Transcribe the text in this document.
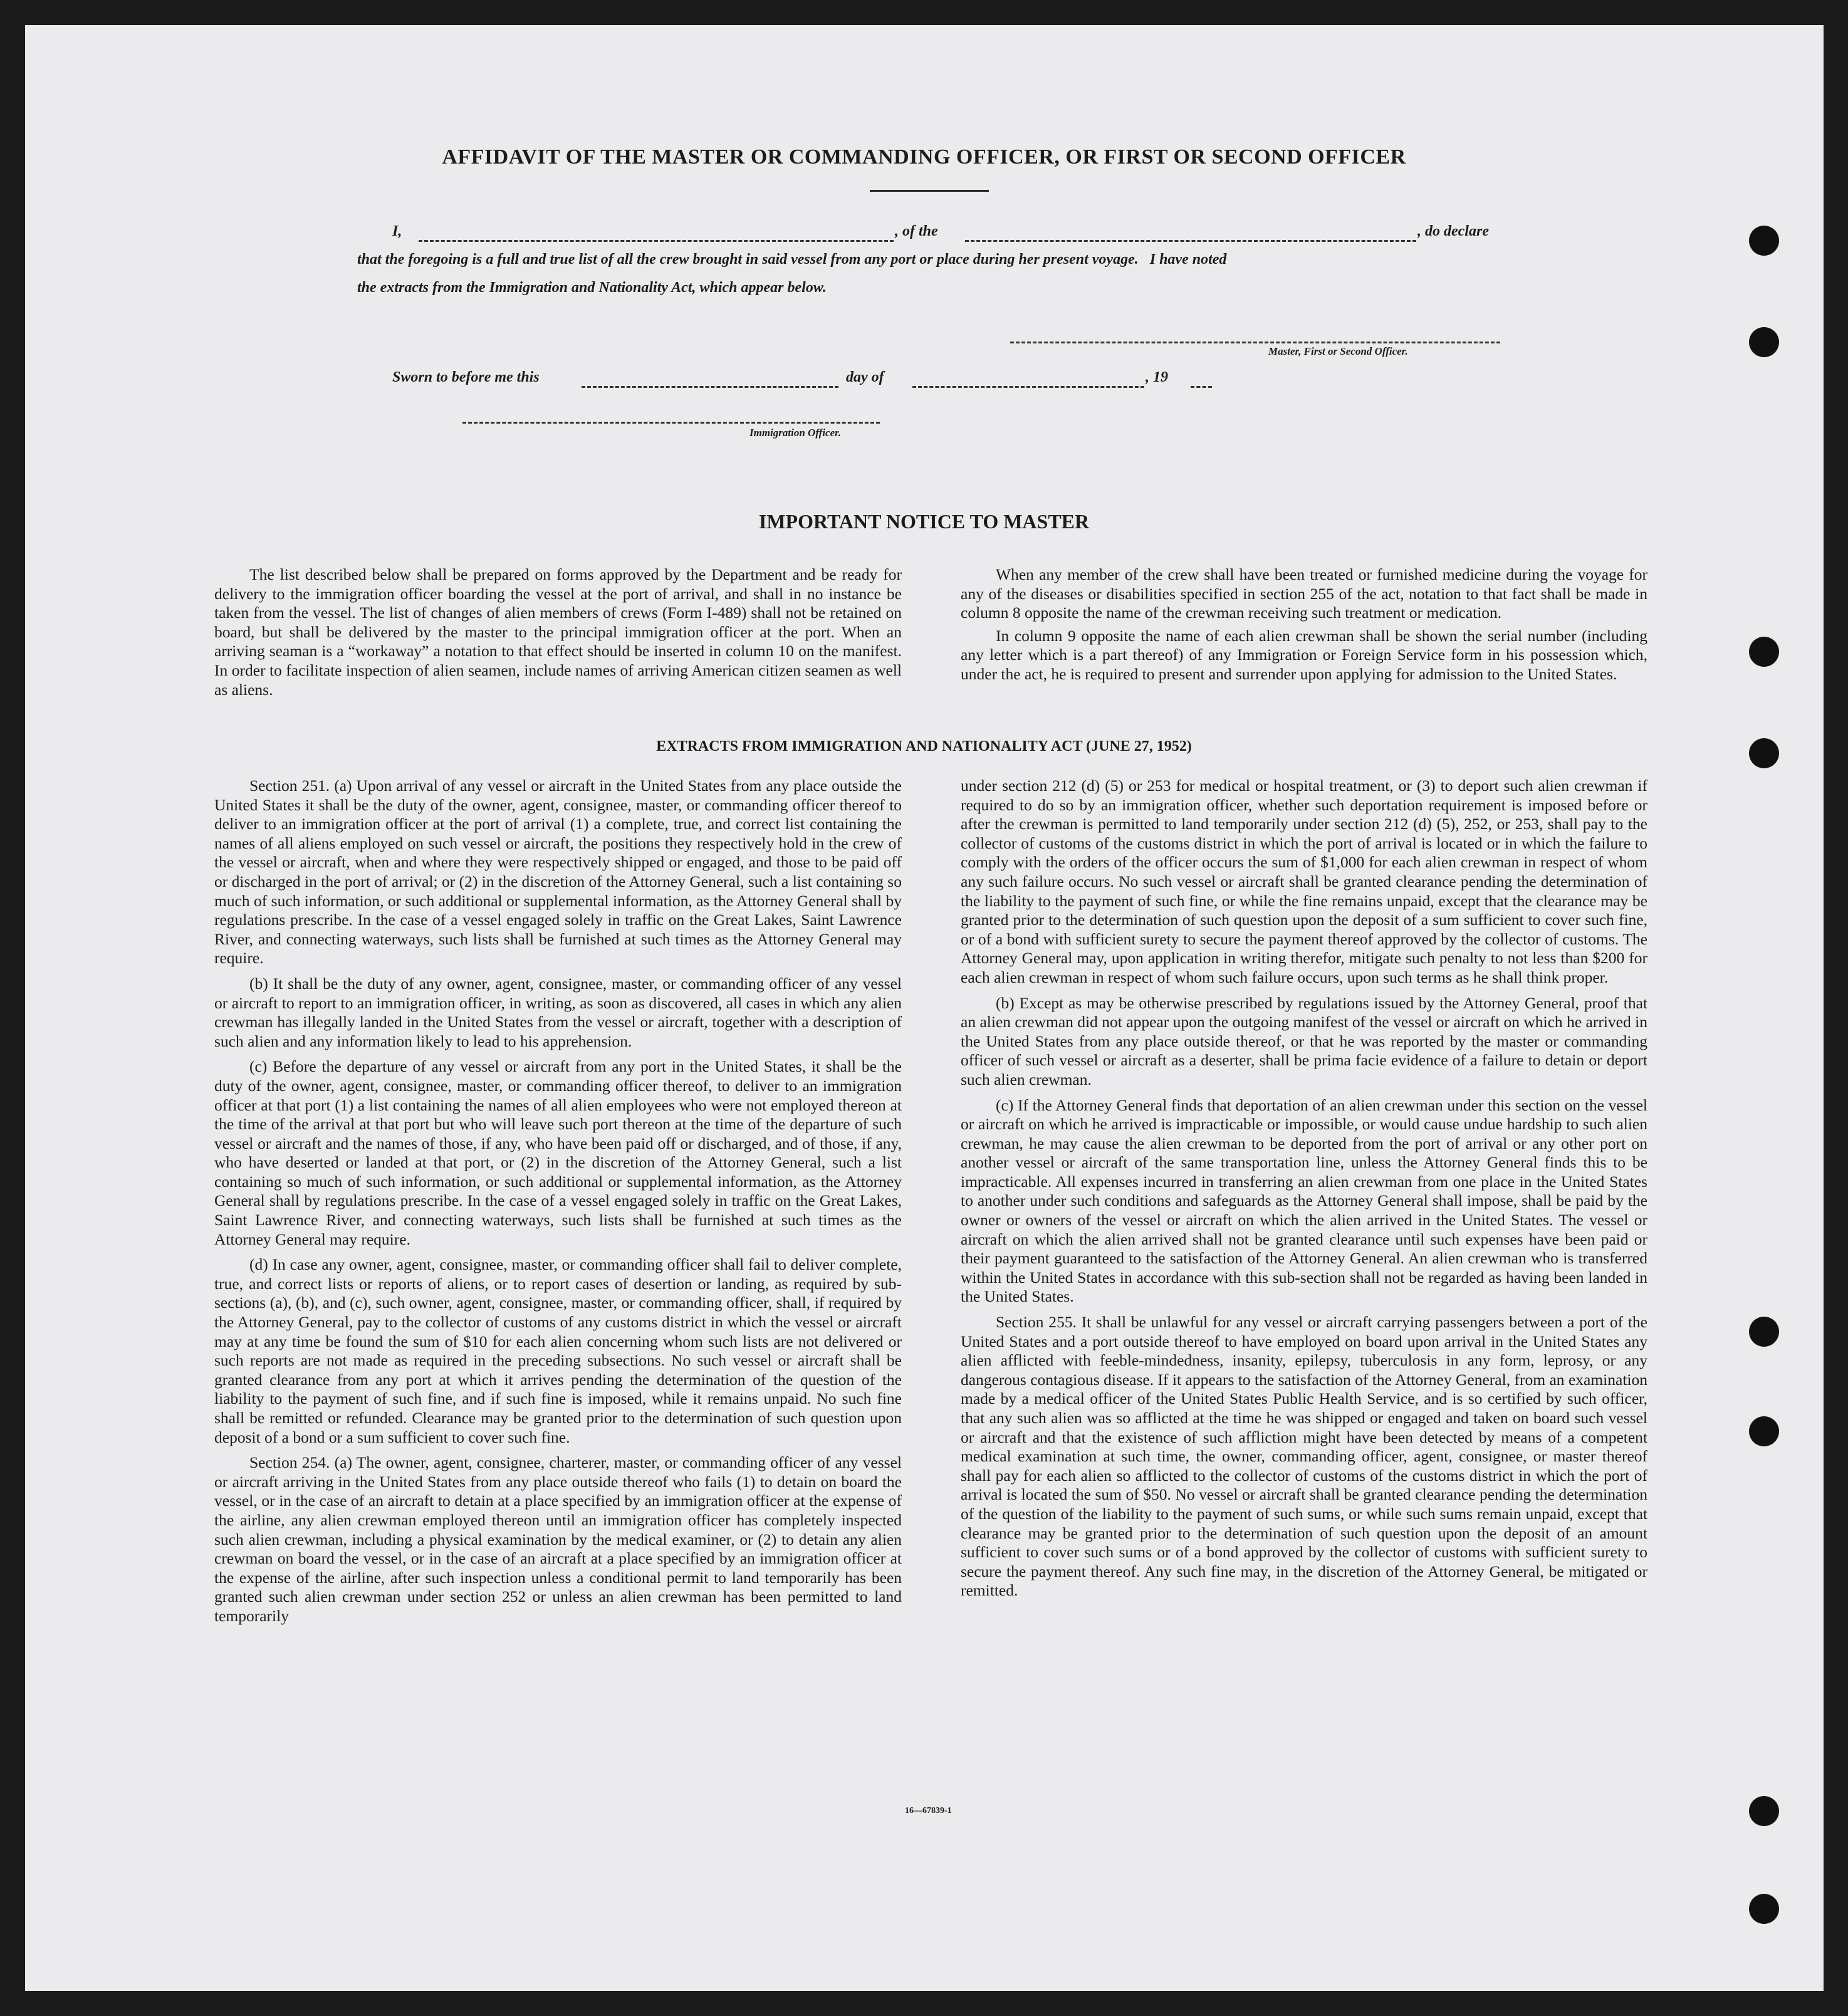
AFFIDAVIT OF THE MASTER OR COMMANDING OFFICER, OR FIRST OR SECOND OFFICER
I,	, of the	, do declare
that the foregoing is a full and true list of all the crew brought in said vessel from any port or place during her present voyage.   I have noted
the extracts from the Immigration and Nationality Act, which appear below.
Master, First or Second Officer.
Sworn to before me this	day of	, 19
Immigration Officer.
IMPORTANT NOTICE TO MASTER

The list described below shall be prepared on forms approved by the Department and be ready for delivery to the immigration officer boarding the vessel at the port of arrival, and shall in no instance be taken from the vessel. The list of changes of alien members of crews (Form I-489) shall not be retained on board, but shall be delivered by the master to the principal immigration officer at the port. When an arriving seaman is a “workaway” a notation to that effect should be inserted in column 10 on the manifest. In order to facilitate inspection of alien seamen, include names of arriving American citizen seamen as well as aliens.

When any member of the crew shall have been treated or furnished medicine during the voyage for any of the diseases or disabilities specified in section 255 of the act, notation to that fact shall be made in column 8 opposite the name of the crewman receiving such treatment or medication.

In column 9 opposite the name of each alien crewman shall be shown the serial number (including any letter which is a part thereof) of any Immigration or Foreign Service form in his possession which, under the act, he is required to present and surrender upon applying for admission to the United States.

EXTRACTS FROM IMMIGRATION AND NATIONALITY ACT (JUNE 27, 1952)

Section 251. (a) Upon arrival of any vessel or aircraft in the United States from any place outside the United States it shall be the duty of the owner, agent, consignee, master, or commanding officer thereof to deliver to an immigration officer at the port of arrival (1) a complete, true, and correct list containing the names of all aliens employed on such vessel or aircraft, the positions they respectively hold in the crew of the vessel or aircraft, when and where they were respectively shipped or engaged, and those to be paid off or discharged in the port of arrival; or (2) in the discretion of the Attorney General, such a list containing so much of such information, or such additional or supplemental information, as the Attorney General shall by regulations prescribe. In the case of a vessel engaged solely in traffic on the Great Lakes, Saint Lawrence River, and connecting waterways, such lists shall be furnished at such times as the Attorney General may require.

(b) It shall be the duty of any owner, agent, consignee, master, or commanding officer of any vessel or aircraft to report to an immigration officer, in writing, as soon as discovered, all cases in which any alien crewman has illegally landed in the United States from the vessel or aircraft, together with a description of such alien and any information likely to lead to his apprehension.

(c) Before the departure of any vessel or aircraft from any port in the United States, it shall be the duty of the owner, agent, consignee, master, or commanding officer thereof, to deliver to an immigration officer at that port (1) a list containing the names of all alien employees who were not employed thereon at the time of the arrival at that port but who will leave such port thereon at the time of the departure of such vessel or aircraft and the names of those, if any, who have been paid off or discharged, and of those, if any, who have deserted or landed at that port, or (2) in the discretion of the Attorney General, such a list containing so much of such information, or such additional or supplemental information, as the Attorney General shall by regulations prescribe. In the case of a vessel engaged solely in traffic on the Great Lakes, Saint Lawrence River, and connecting waterways, such lists shall be furnished at such times as the Attorney General may require.

(d) In case any owner, agent, consignee, master, or commanding officer shall fail to deliver complete, true, and correct lists or reports of aliens, or to report cases of desertion or landing, as required by sub-sections (a), (b), and (c), such owner, agent, consignee, master, or commanding officer, shall, if required by the Attorney General, pay to the collector of customs of any customs district in which the vessel or aircraft may at any time be found the sum of $10 for each alien concerning whom such lists are not delivered or such reports are not made as required in the preceding subsections. No such vessel or aircraft shall be granted clearance from any port at which it arrives pending the determination of the question of the liability to the payment of such fine, and if such fine is imposed, while it remains unpaid. No such fine shall be remitted or refunded. Clearance may be granted prior to the determination of such question upon deposit of a bond or a sum sufficient to cover such fine.

Section 254. (a) The owner, agent, consignee, charterer, master, or commanding officer of any vessel or aircraft arriving in the United States from any place outside thereof who fails (1) to detain on board the vessel, or in the case of an aircraft to detain at a place specified by an immigration officer at the expense of the airline, any alien crewman employed thereon until an immigration officer has completely inspected such alien crewman, including a physical examination by the medical examiner, or (2) to detain any alien crewman on board the vessel, or in the case of an aircraft at a place specified by an immigration officer at the expense of the airline, after such inspection unless a conditional permit to land temporarily has been granted such alien crewman under section 252 or unless an alien crewman has been permitted to land temporarily

under section 212 (d) (5) or 253 for medical or hospital treatment, or (3) to deport such alien crewman if required to do so by an immigration officer, whether such deportation requirement is imposed before or after the crewman is permitted to land temporarily under section 212 (d) (5), 252, or 253, shall pay to the collector of customs of the customs district in which the port of arrival is located or in which the failure to comply with the orders of the officer occurs the sum of $1,000 for each alien crewman in respect of whom any such failure occurs. No such vessel or aircraft shall be granted clearance pending the determination of the liability to the payment of such fine, or while the fine remains unpaid, except that the clearance may be granted prior to the determination of such question upon the deposit of a sum sufficient to cover such fine, or of a bond with sufficient surety to secure the payment thereof approved by the collector of customs. The Attorney General may, upon application in writing therefor, mitigate such penalty to not less than $200 for each alien crewman in respect of whom such failure occurs, upon such terms as he shall think proper.

(b) Except as may be otherwise prescribed by regulations issued by the Attorney General, proof that an alien crewman did not appear upon the outgoing manifest of the vessel or aircraft on which he arrived in the United States from any place outside thereof, or that he was reported by the master or commanding officer of such vessel or aircraft as a deserter, shall be prima facie evidence of a failure to detain or deport such alien crewman.

(c) If the Attorney General finds that deportation of an alien crewman under this section on the vessel or aircraft on which he arrived is impracticable or impossible, or would cause undue hardship to such alien crewman, he may cause the alien crewman to be deported from the port of arrival or any other port on another vessel or aircraft of the same transportation line, unless the Attorney General finds this to be impracticable. All expenses incurred in transferring an alien crewman from one place in the United States to another under such conditions and safeguards as the Attorney General shall impose, shall be paid by the owner or owners of the vessel or aircraft on which the alien arrived in the United States. The vessel or aircraft on which the alien arrived shall not be granted clearance until such expenses have been paid or their payment guaranteed to the satisfaction of the Attorney General. An alien crewman who is transferred within the United States in accordance with this sub-section shall not be regarded as having been landed in the United States.

Section 255. It shall be unlawful for any vessel or aircraft carrying passengers between a port of the United States and a port outside thereof to have employed on board upon arrival in the United States any alien afflicted with feeble-mindedness, insanity, epilepsy, tuberculosis in any form, leprosy, or any dangerous contagious disease. If it appears to the satisfaction of the Attorney General, from an examination made by a medical officer of the United States Public Health Service, and is so certified by such officer, that any such alien was so afflicted at the time he was shipped or engaged and taken on board such vessel or aircraft and that the existence of such affliction might have been detected by means of a competent medical examination at such time, the owner, commanding officer, agent, consignee, or master thereof shall pay for each alien so afflicted to the collector of customs of the customs district in which the port of arrival is located the sum of $50. No vessel or aircraft shall be granted clearance pending the determination of the question of the liability to the payment of such sums, or while such sums remain unpaid, except that clearance may be granted prior to the determination of such question upon the deposit of an amount sufficient to cover such sums or of a bond approved by the collector of customs with sufficient surety to secure the payment thereof. Any such fine may, in the discretion of the Attorney General, be mitigated or remitted.

16—67839-1
